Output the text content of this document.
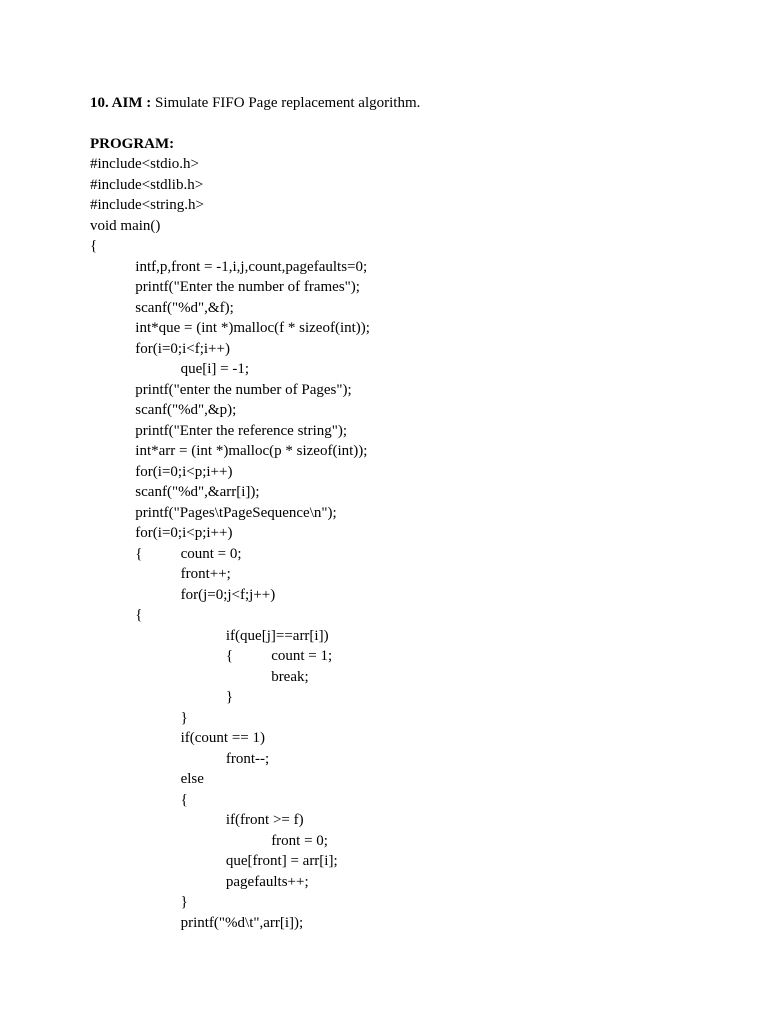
10. AIM : Simulate FIFO Page replacement algorithm.
PROGRAM:
#include<stdio.h>
#include<stdlib.h>
#include<string.h>
void main()
{
intf,p,front = -1,i,j,count,pagefaults=0;
printf("Enter the number of frames");
scanf("%d",&f);
int*que = (int *)malloc(f * sizeof(int));
for(i=0;i<f;i++)
que[i] = -1;
printf("enter the number of Pages");
scanf("%d",&p);
printf("Enter the reference string");
int*arr = (int *)malloc(p * sizeof(int));
for(i=0;i<p;i++)
scanf("%d",&arr[i]);
printf("Pages\tPageSequence\n");
for(i=0;i<p;i++)
{	count = 0;
front++;
for(j=0;j<f;j++)
{
if(que[j]==arr[i])
{	count = 1;
break;
}
}
if(count == 1)
front--;
else
{
if(front >= f)
front = 0;
que[front] = arr[i];
pagefaults++;
}
printf("%d\t",arr[i]);
